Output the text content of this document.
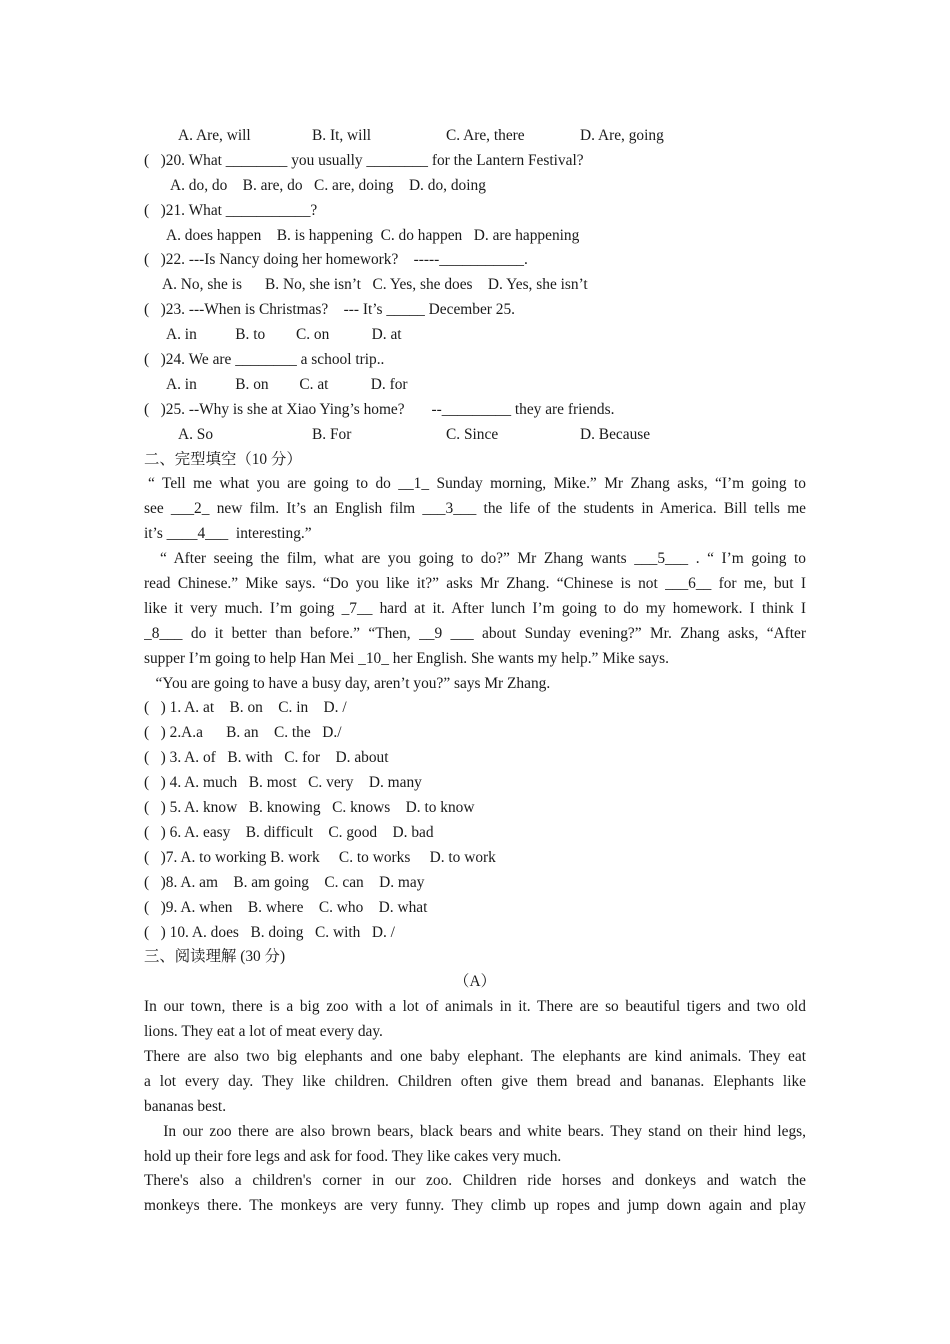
A. Are, will	B. It, will	C. Are, there	D. Are, going
(   )20. What ________ you usually ________ for the Lantern Festival?
A. do, do    B. are, do   C. are, doing    D. do, doing
(   )21. What ___________?
A. does happen    B. is happening  C. do happen   D. are happening
(   )22. ---Is Nancy doing her homework?    -----___________.
A. No, she is      B. No, she isn’t   C. Yes, she does    D. Yes, she isn’t
(   )23. ---When is Christmas?    --- It’s _____ December 25.
A. in          B. to        C. on           D. at
(   )24. We are ________ a school trip..
A. in          B. on        C. at           D. for
(   )25. --Why is she at Xiao Ying’s home?       --_________ they are friends.
A. So	B. For	C. Since	D. Because
二、完型填空（10 分）
“ Tell me what you are going to do __1_ Sunday morning, Mike.” Mr Zhang asks, “I’m going to
see ___2_ new film. It’s an English film ___3___ the life of the students in America. Bill tells me
it’s ____4___  interesting.”
“ After seeing the film, what are you going to do?” Mr Zhang wants ___5___ . “ I’m going to
read Chinese.” Mike says. “Do you like it?” asks Mr Zhang. “Chinese is not ___6__ for me, but I
like it very much. I’m going _7__ hard at it. After lunch I’m going to do my homework. I think I
_8___ do it better than before.” “Then, __9 ___ about Sunday evening?” Mr. Zhang asks, “After
supper I’m going to help Han Mei _10_ her English. She wants my help.” Mike says.
“You are going to have a busy day, aren’t you?” says Mr Zhang.
(   ) 1. A. at    B. on    C. in    D. /
(   ) 2.A.a      B. an    C. the   D./
(   ) 3. A. of   B. with   C. for    D. about
(   ) 4. A. much   B. most   C. very    D. many
(   ) 5. A. know   B. knowing   C. knows    D. to know
(   ) 6. A. easy    B. difficult    C. good    D. bad
(   )7. A. to working B. work     C. to works     D. to work
(   )8. A. am    B. am going    C. can    D. may
(   )9. A. when    B. where    C. who    D. what
(   ) 10. A. does   B. doing   C. with   D. /
三、阅读理解 (30 分)
（A）
In our town, there is a big zoo with a lot of animals in it. There are so beautiful tigers and two old
lions. They eat a lot of meat every day.
There are also two big elephants and one baby elephant. The elephants are kind animals. They eat
a lot every day. They like children. Children often give them bread and bananas. Elephants like
bananas best.
In our zoo there are also brown bears, black bears and white bears. They stand on their hind legs,
hold up their fore legs and ask for food. They like cakes very much.
There's also a children's corner in our zoo. Children ride horses and donkeys and watch the
monkeys there. The monkeys are very funny. They climb up ropes and jump down again and play
